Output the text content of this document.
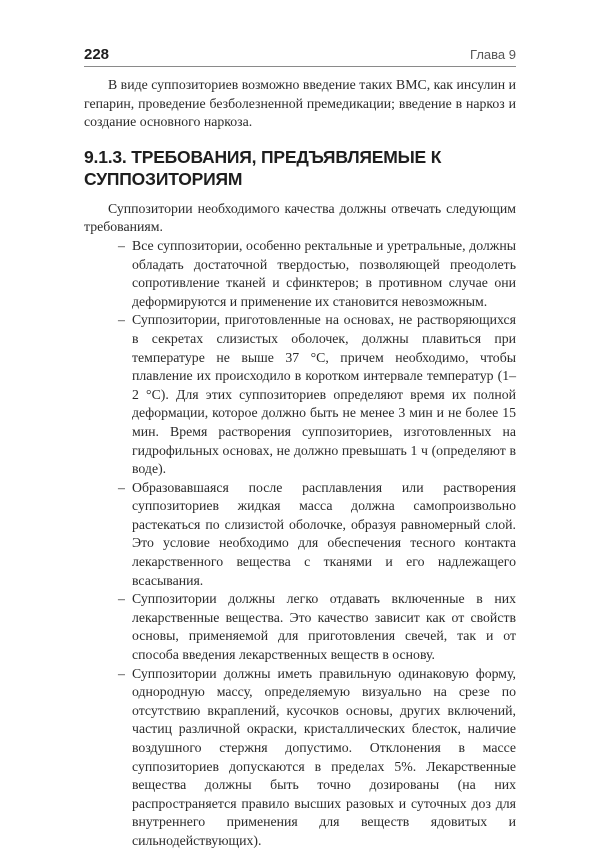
228	Глава 9

В виде суппозиториев возможно введение таких ВМС, как инсулин и гепарин, проведение безболезненной премедикации; введение в наркоз и создание основного наркоза.

9.1.3. ТРЕБОВАНИЯ, ПРЕДЪЯВЛЯЕМЫЕ К СУППОЗИТОРИЯМ

Суппозитории необходимого качества должны отвечать следующим требованиям.

– Все суппозитории, особенно ректальные и уретральные, должны обладать достаточной твердостью, позволяющей преодолеть сопротивление тканей и сфинктеров; в противном случае они деформируются и применение их становится невозможным.
– Суппозитории, приготовленные на основах, не растворяющихся в секретах слизистых оболочек, должны плавиться при температуре не выше 37 °С, причем необходимо, чтобы плавление их происходило в коротком интервале температур (1–2 °С). Для этих суппозиториев определяют время их полной деформации, которое должно быть не менее 3 мин и не более 15 мин. Время растворения суппозиториев, изготовленных на гидрофильных основах, не должно превышать 1 ч (определяют в воде).
– Образовавшаяся после расплавления или растворения суппозиториев жидкая масса должна самопроизвольно растекаться по слизистой оболочке, образуя равномерный слой. Это условие необходимо для обеспечения тесного контакта лекарственного вещества с тканями и его надлежащего всасывания.
– Суппозитории должны легко отдавать включенные в них лекарственные вещества. Это качество зависит как от свойств основы, применяемой для приготовления свечей, так и от способа введения лекарственных веществ в основу.
– Суппозитории должны иметь правильную одинаковую форму, однородную массу, определяемую визуально на срезе по отсутствию вкраплений, кусочков основы, других включений, частиц различной окраски, кристаллических блесток, наличие воздушного стержня допустимо. Отклонения в массе суппозиториев допускаются в пределах 5%. Лекарственные вещества должны быть точно дозированы (на них распространяется правило высших разовых и суточных доз для внутреннего применения для веществ ядовитых и сильнодействующих).
